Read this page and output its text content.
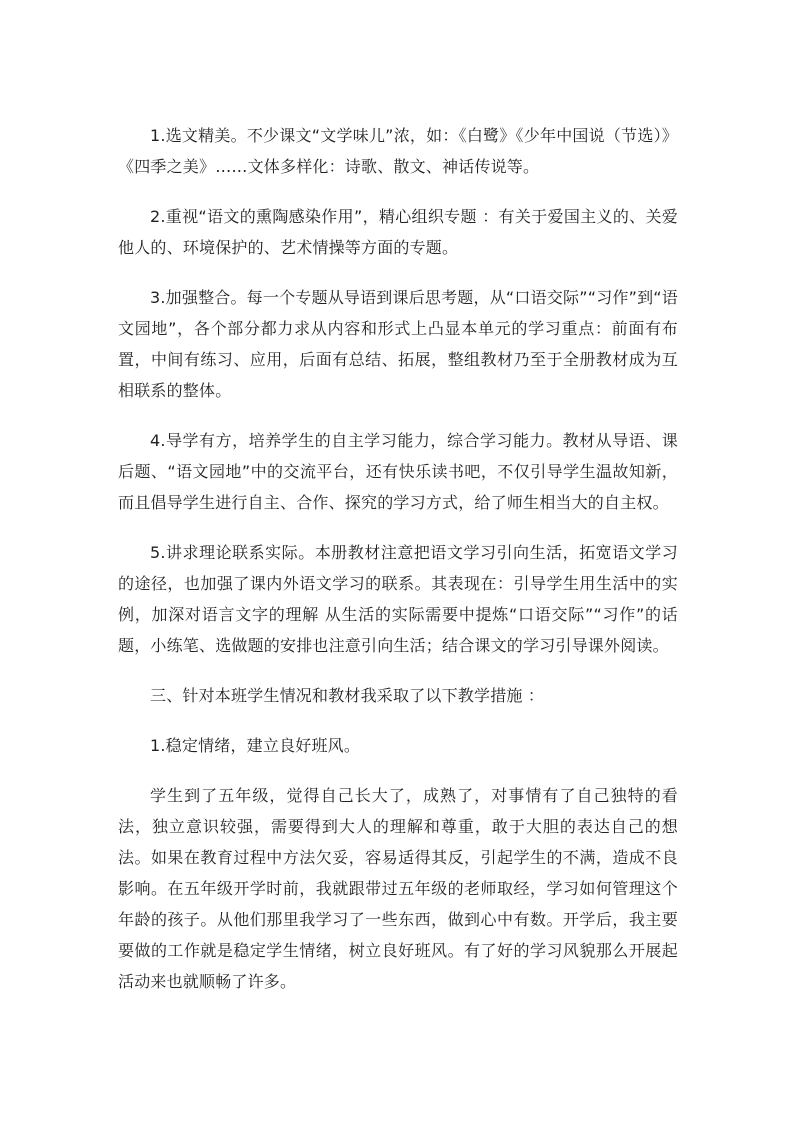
1.选文精美。不少课文“文学味儿”浓，如：《白鹭》《少年中国说（节选）》《四季之美》……文体多样化：诗歌、散文、神话传说等。

2.重视“语文的熏陶感染作用”，精心组织专题 ：有关于爱国主义的、关爱他人的、环境保护的、艺术情操等方面的专题。

3.加强整合。每一个专题从导语到课后思考题，从“口语交际”“习作”到“语文园地”，各个部分都力求从内容和形式上凸显本单元的学习重点：前面有布置，中间有练习、应用，后面有总结、拓展，整组教材乃至于全册教材成为互相联系的整体。

4.导学有方，培养学生的自主学习能力，综合学习能力。教材从导语、课后题、“语文园地”中的交流平台，还有快乐读书吧，不仅引导学生温故知新，而且倡导学生进行自主、合作、探究的学习方式，给了师生相当大的自主权。

5.讲求理论联系实际。本册教材注意把语文学习引向生活，拓宽语文学习的途径，也加强了课内外语文学习的联系。其表现在：引导学生用生活中的实例，加深对语言文字的理解 从生活的实际需要中提炼“口语交际”“习作”的话题，小练笔、选做题的安排也注意引向生活；结合课文的学习引导课外阅读。

三、针对本班学生情况和教材我采取了以下教学措施 ：

1.稳定情绪，建立良好班风。

学生到了五年级，觉得自己长大了，成熟了，对事情有了自己独特的看法，独立意识较强，需要得到大人的理解和尊重，敢于大胆的表达自己的想法。如果在教育过程中方法欠妥，容易适得其反，引起学生的不满，造成不良影响。在五年级开学时前，我就跟带过五年级的老师取经，学习如何管理这个年龄的孩子。从他们那里我学习了一些东西，做到心中有数。开学后，我主要要做的工作就是稳定学生情绪，树立良好班风。有了好的学习风貌那么开展起活动来也就顺畅了许多。
